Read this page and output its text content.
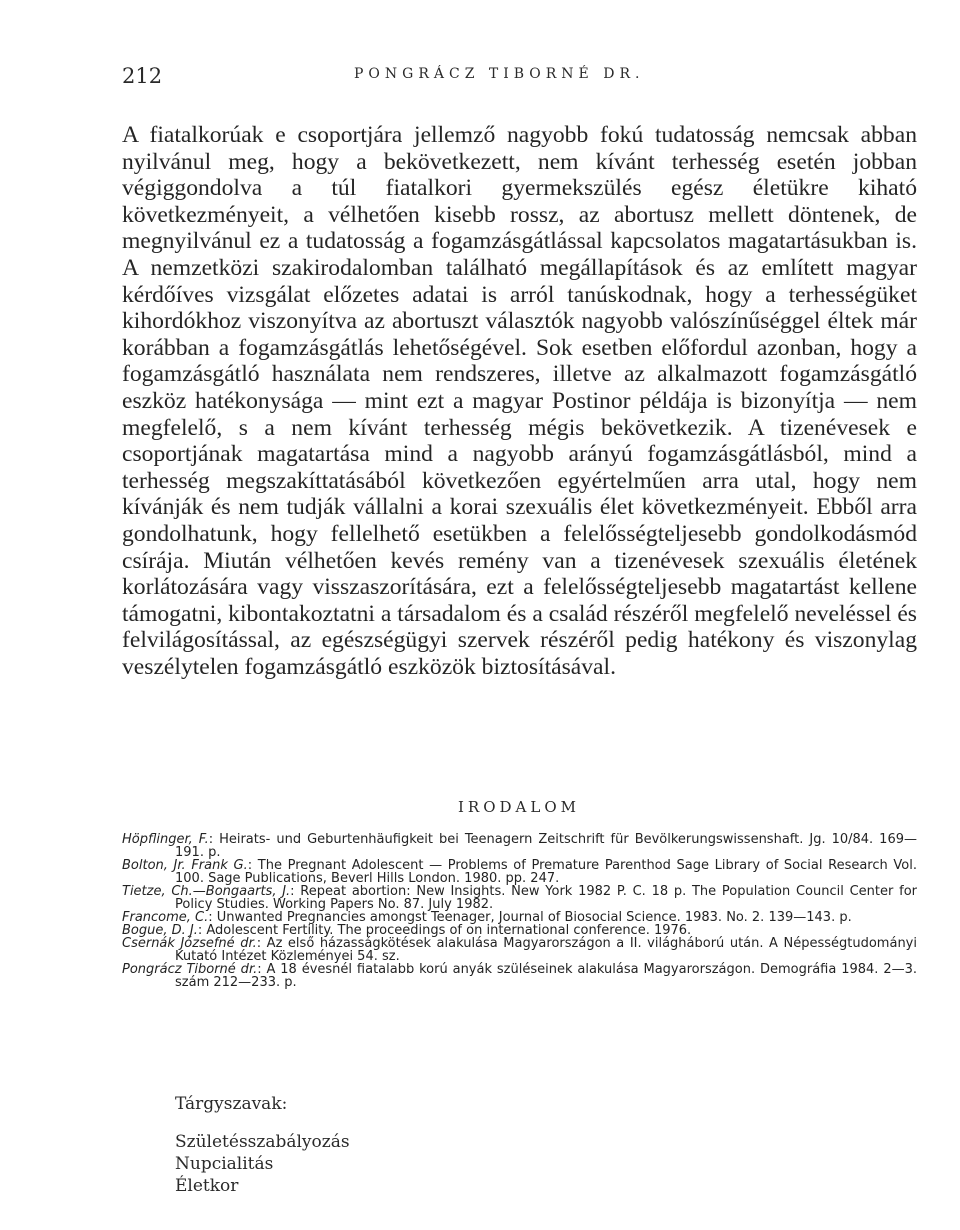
212	PONGRÁCZ TIBORNÉ DR.

A fiatalkorúak e csoportjára jellemző nagyobb fokú tudatosság nemcsak abban nyilvánul meg, hogy a bekövetkezett, nem kívánt terhesség esetén jobban végiggondolva a túl fiatalkori gyermekszülés egész életükre kiható következményeit, a vélhetően kisebb rossz, az abortusz mellett döntenek, de megnyilvánul ez a tudatosság a fogamzásgátlással kapcsolatos magatartásukban is. A nemzetközi szakirodalomban található megállapítások és az említett magyar kérdőíves vizsgálat előzetes adatai is arról tanúskodnak, hogy a terhességüket kihordókhoz viszonyítva az abortuszt választók nagyobb valószínűséggel éltek már korábban a fogamzásgátlás lehetőségével. Sok esetben előfordul azonban, hogy a fogamzásgátló használata nem rendszeres, illetve az alkalmazott fogamzásgátló eszköz hatékonysága — mint ezt a magyar Postinor példája is bizonyítja — nem megfelelő, s a nem kívánt terhesség mégis bekövetkezik. A tizenévesek e csoportjának magatartása mind a nagyobb arányú fogamzásgátlásból, mind a terhesség megszakíttatásából következően egyértelműen arra utal, hogy nem kívánják és nem tudják vállalni a korai szexuális élet következményeit. Ebből arra gondolhatunk, hogy fellelhető esetükben a felelősségteljesebb gondolkodásmód csírája. Miután vélhetően kevés remény van a tizenévesek szexuális életének korlátozására vagy visszaszorítására, ezt a felelősségteljesebb magatartást kellene támogatni, kibontakoztatni a társadalom és a család részéről megfelelő neveléssel és felvilágosítással, az egészségügyi szervek részéről pedig hatékony és viszonylag veszélytelen fogamzásgátló eszközök biztosításával.

IRODALOM
Höpflinger, F.: Heirats- und Geburtenhäufigkeit bei Teenagern Zeitschrift für Bevölkerungswissenshaft. Jg. 10/84. 169—191. p.
Bolton, Jr. Frank G.: The Pregnant Adolescent — Problems of Premature Parenthod Sage Library of Social Research Vol. 100. Sage Publications, Beverl Hills London. 1980. pp. 247.
Tietze, Ch.—Bongaarts, J.: Repeat abortion: New Insights. New York 1982 P. C. 18 p. The Population Council Center for Policy Studies. Working Papers No. 87. July 1982.
Francome, C.: Unwanted Pregnancies amongst Teenager, Journal of Biosocial Science. 1983. No. 2. 139—143. p.
Bogue, D. J.: Adolescent Fertility. The proceedings of on international conference. 1976.
Csernák Józsefné dr.: Az első házasságkötések alakulása Magyarországon a II. világháború után. A Népességtudományi Kutató Intézet Közleményei 54. sz.
Pongrácz Tiborné dr.: A 18 évesnél fiatalabb korú anyák szüléseinek alakulása Magyarországon. Demográfia 1984. 2—3. szám 212—233. p.
Tárgyszavak:
Születésszabályozás
Nupcialitás
Életkor
